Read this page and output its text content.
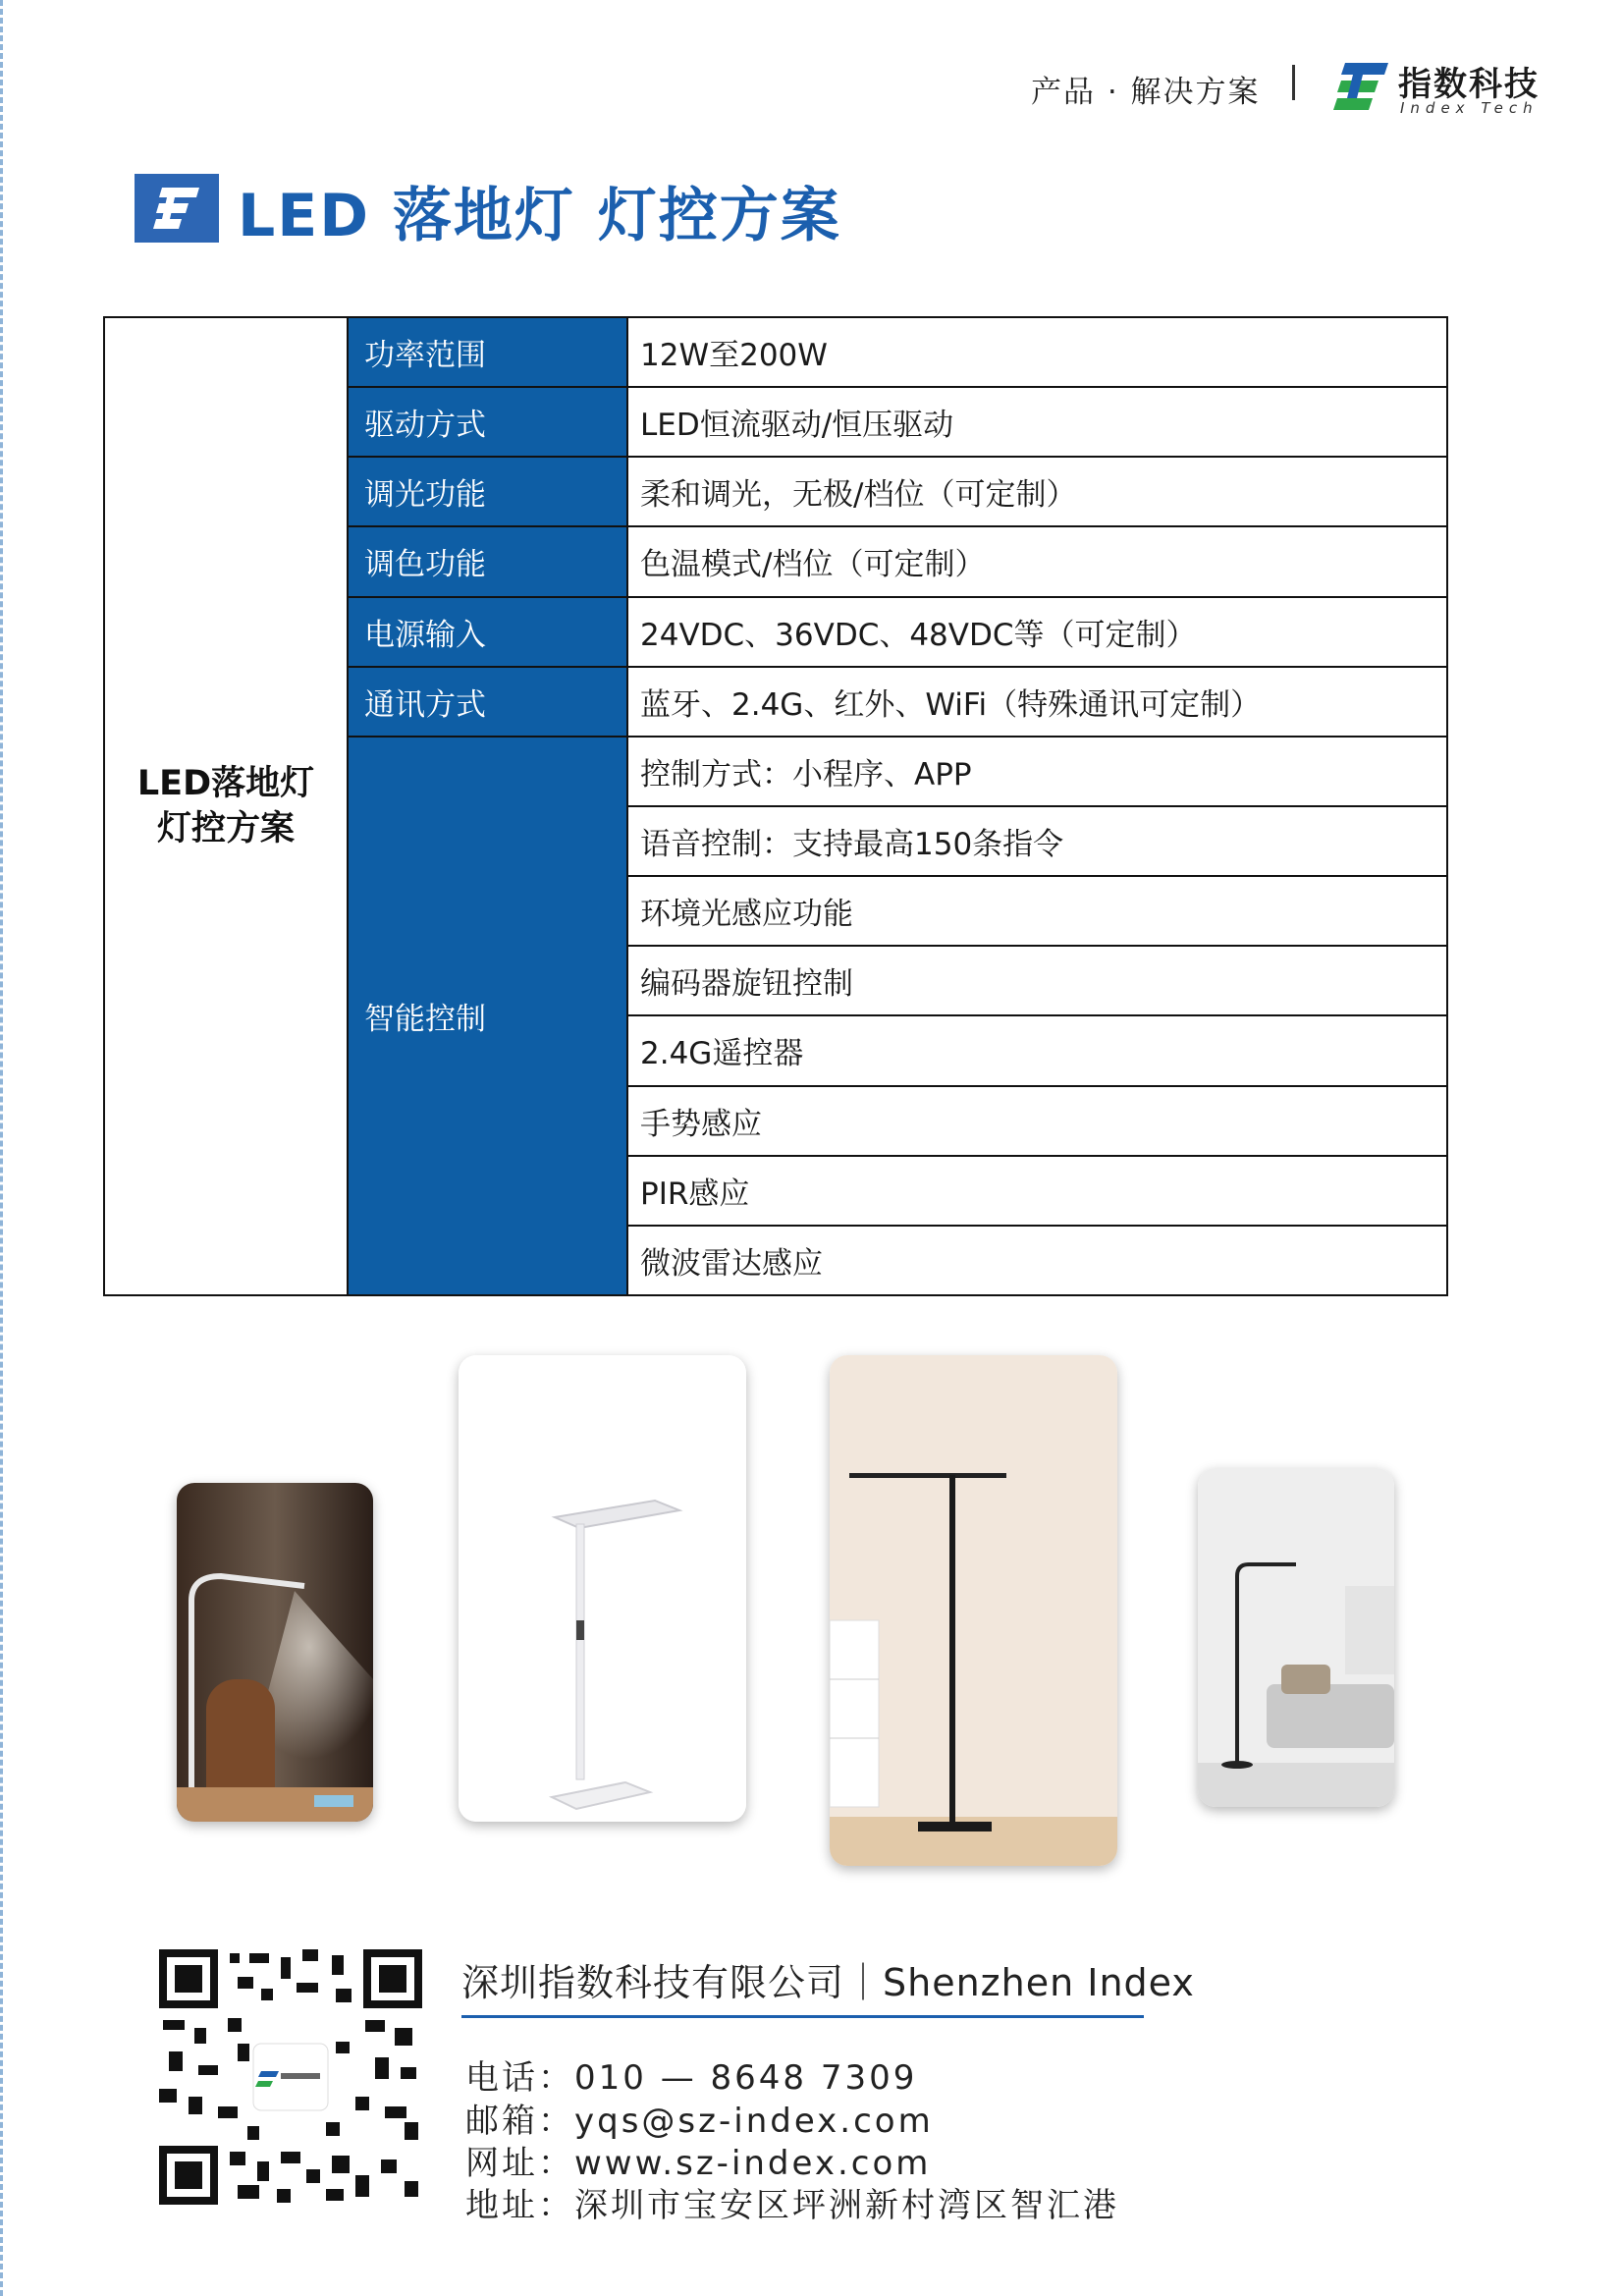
产品 · 解决方案	指数科技
Index Tech
LED 落地灯 灯控方案
LED落地灯
灯控方案	功率范围	12W至200W
	驱动方式	LED恒流驱动/恒压驱动
	调光功能	柔和调光，无极/档位（可定制）
	调色功能	色温模式/档位（可定制）
	电源输入	24VDC、36VDC、48VDC等（可定制）
	通讯方式	蓝牙、2.4G、红外、WiFi（特殊通讯可定制）
	智能控制	控制方式：小程序、APP
		语音控制：支持最高150条指令
		环境光感应功能
		编码器旋钮控制
		2.4G遥控器
		手势感应
		PIR感应
		微波雷达感应
深圳指数科技有限公司｜Shenzhen Index
电话：010 — 8648 7309
邮箱：yqs@sz-index.com
网址：www.sz-index.com
地址：深圳市宝安区坪洲新村湾区智汇港
